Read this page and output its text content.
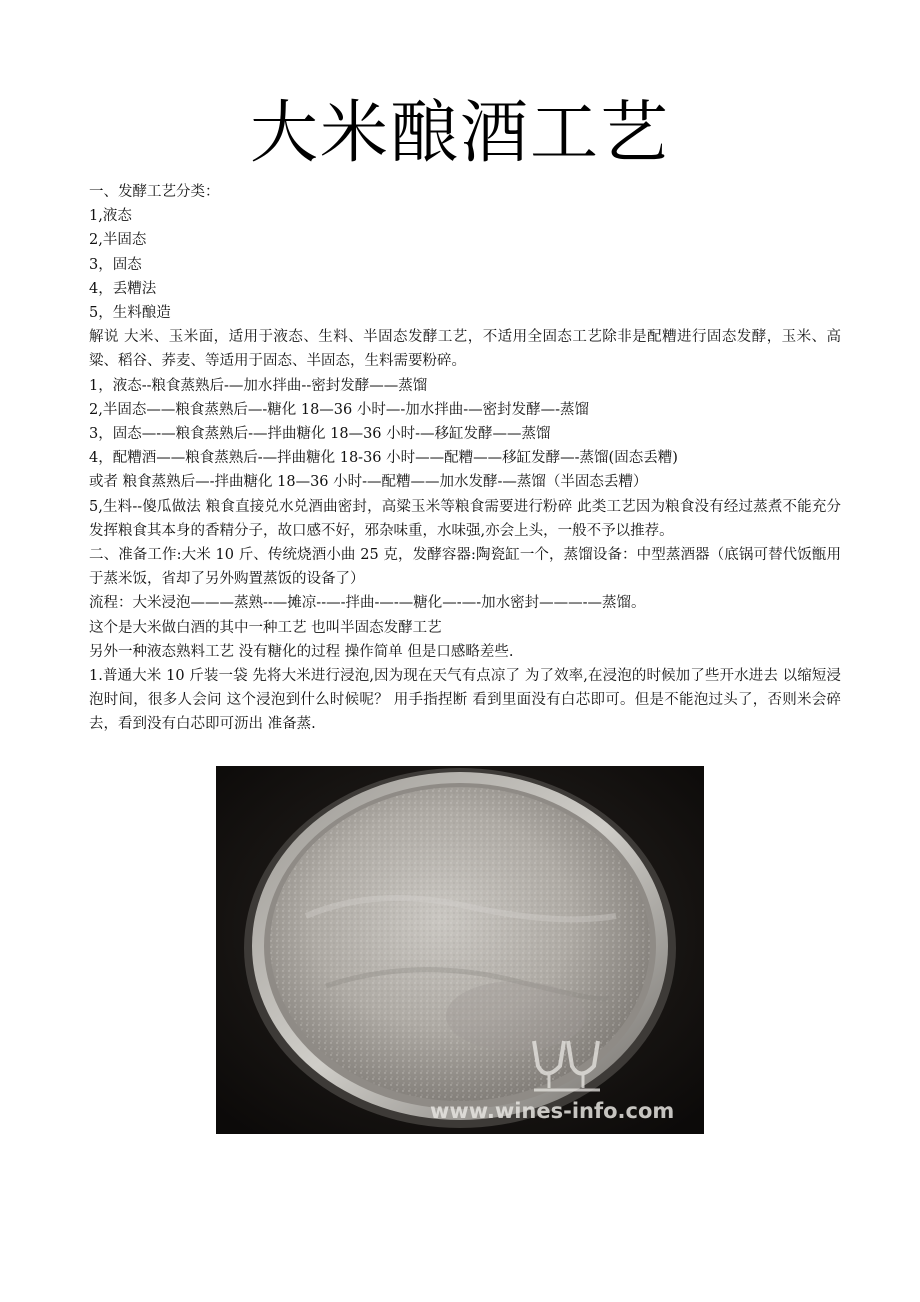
大米酿酒工艺
一、发酵工艺分类：
1,液态
2,半固态
3，固态
4，丢糟法
5，生料酿造
解说 大米、玉米面，适用于液态、生料、半固态发酵工艺，不适用全固态工艺除非是配糟进行固态发酵，玉米、高粱、稻谷、荞麦、等适用于固态、半固态，生料需要粉碎。
1，液态--粮食蒸熟后-—加水拌曲--密封发酵——蒸馏
2,半固态——粮食蒸熟后—-糖化 18—36 小时—-加水拌曲-—密封发酵—-蒸馏
3，固态—-—粮食蒸熟后-—拌曲糖化 18—36 小时-—移缸发酵——蒸馏
4，配糟酒——粮食蒸熟后-—拌曲糖化 18-36 小时——配糟——移缸发酵—-蒸馏(固态丢糟)
或者 粮食蒸熟后—-拌曲糖化 18—36 小时-—配糟——加水发酵-—蒸馏（半固态丢糟）
5,生料--傻瓜做法 粮食直接兑水兑酒曲密封，高粱玉米等粮食需要进行粉碎 此类工艺因为粮食没有经过蒸煮不能充分发挥粮食其本身的香精分子，故口感不好，邪杂味重，水味强,亦会上头，一般不予以推荐。
二、准备工作:大米 10 斤、传统烧酒小曲 25 克，发酵容器:陶瓷缸一个，蒸馏设备：中型蒸酒器（底锅可替代饭甑用于蒸米饭，省却了另外购置蒸饭的设备了）
流程：大米浸泡———蒸熟--—摊凉--—-拌曲-—-—糖化—-—-加水密封———-—蒸馏。
这个是大米做白酒的其中一种工艺 也叫半固态发酵工艺
另外一种液态熟料工艺 没有糖化的过程 操作简单 但是口感略差些.
1.普通大米 10 斤装一袋 先将大米进行浸泡,因为现在天气有点凉了 为了效率,在浸泡的时候加了些开水进去 以缩短浸泡时间，很多人会问 这个浸泡到什么时候呢？ 用手指捏断 看到里面没有白芯即可。但是不能泡过头了，否则米会碎去，看到没有白芯即可沥出 准备蒸.
www.wines-info.com
